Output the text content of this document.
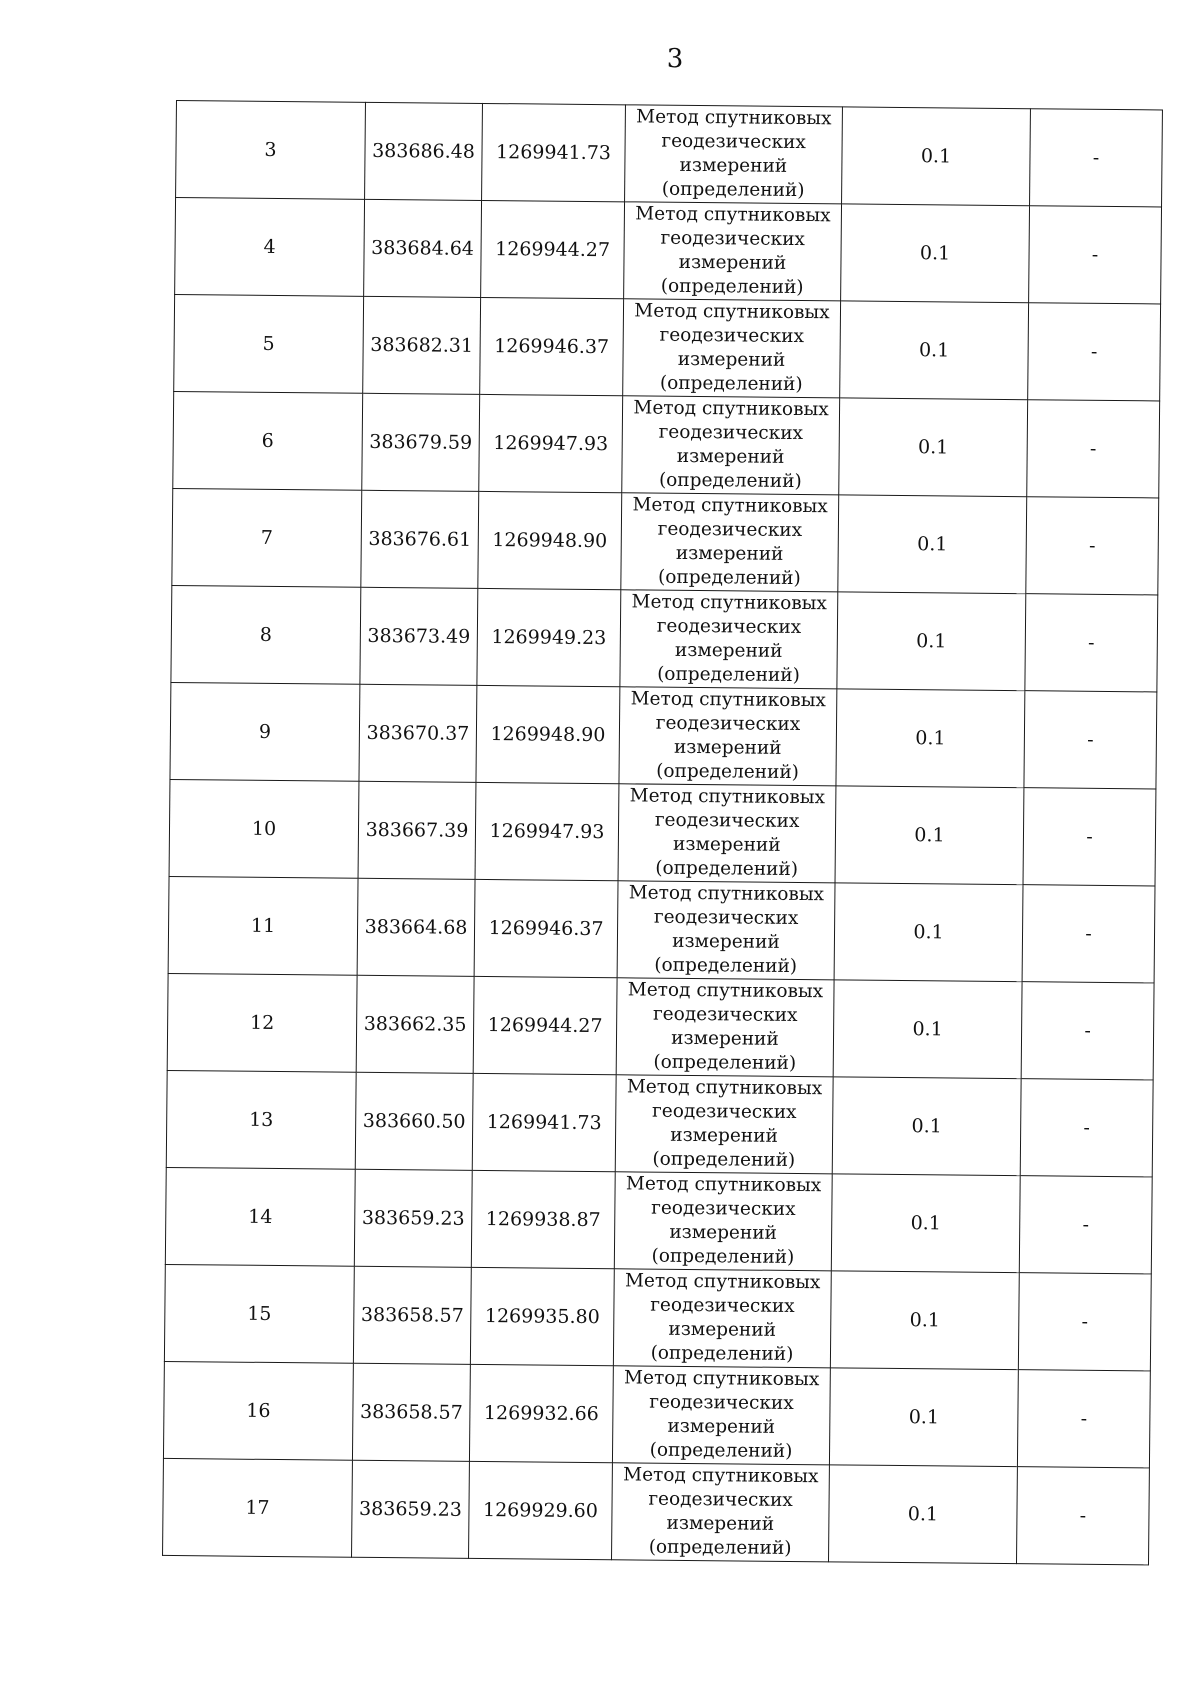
3
3	383686.48	1269941.73	Метод спутниковых
геодезических
измерений
(определений)	0.1	-
4	383684.64	1269944.27	Метод спутниковых
геодезических
измерений
(определений)	0.1	-
5	383682.31	1269946.37	Метод спутниковых
геодезических
измерений
(определений)	0.1	-
6	383679.59	1269947.93	Метод спутниковых
геодезических
измерений
(определений)	0.1	-
7	383676.61	1269948.90	Метод спутниковых
геодезических
измерений
(определений)	0.1	-
8	383673.49	1269949.23	Метод спутниковых
геодезических
измерений
(определений)	0.1	-
9	383670.37	1269948.90	Метод спутниковых
геодезических
измерений
(определений)	0.1	-
10	383667.39	1269947.93	Метод спутниковых
геодезических
измерений
(определений)	0.1	-
11	383664.68	1269946.37	Метод спутниковых
геодезических
измерений
(определений)	0.1	-
12	383662.35	1269944.27	Метод спутниковых
геодезических
измерений
(определений)	0.1	-
13	383660.50	1269941.73	Метод спутниковых
геодезических
измерений
(определений)	0.1	-
14	383659.23	1269938.87	Метод спутниковых
геодезических
измерений
(определений)	0.1	-
15	383658.57	1269935.80	Метод спутниковых
геодезических
измерений
(определений)	0.1	-
16	383658.57	1269932.66	Метод спутниковых
геодезических
измерений
(определений)	0.1	-
17	383659.23	1269929.60	Метод спутниковых
геодезических
измерений
(определений)	0.1	-
